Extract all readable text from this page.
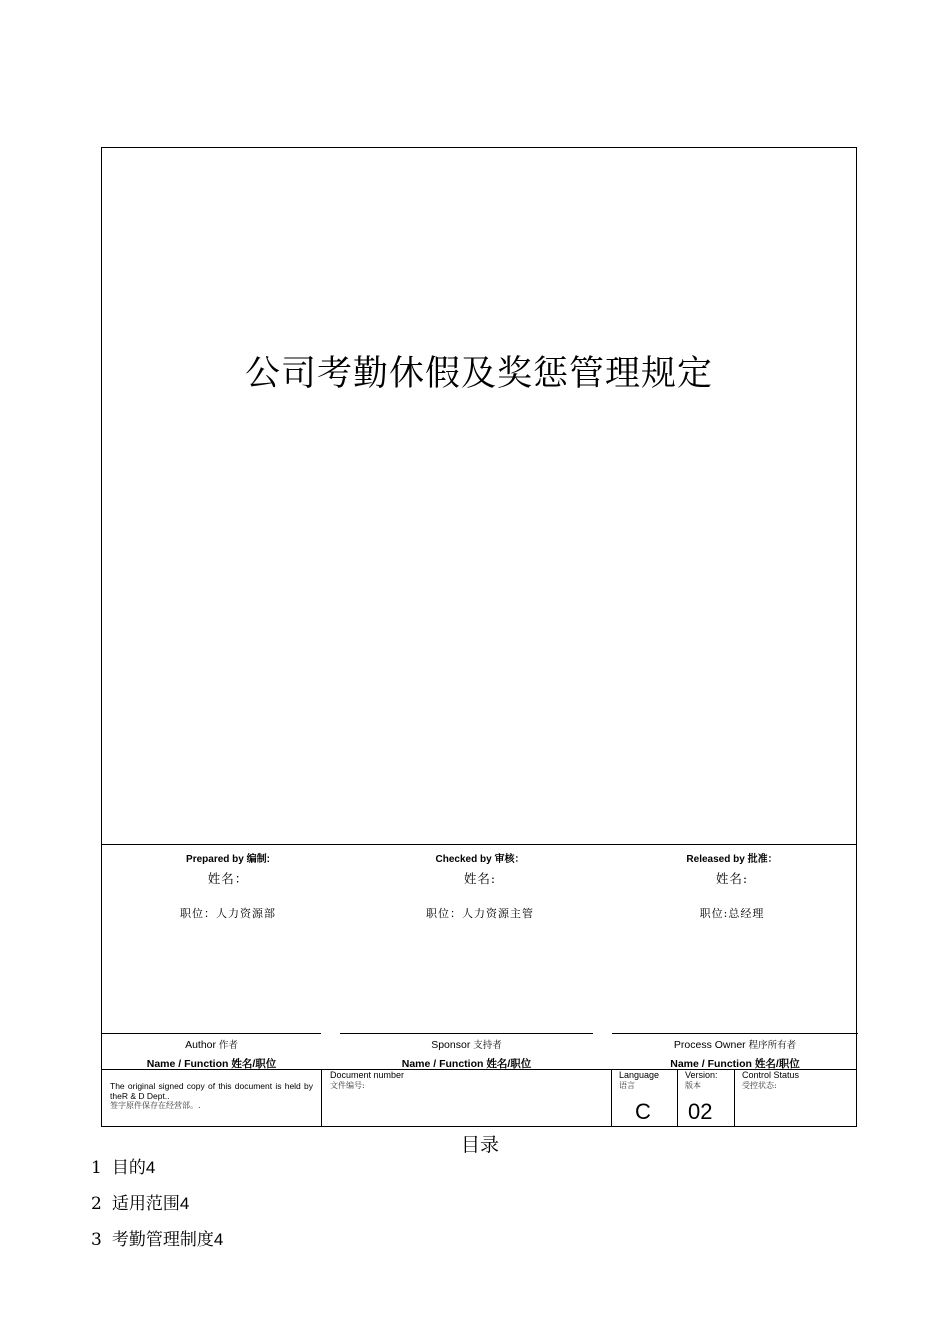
公司考勤休假及奖惩管理规定
Prepared by 编制:
姓名：
职位：人力资源部
Checked by 审核：
姓名:
职位：人力资源主管
Released by 批准：
姓名:
职位:总经理
Author 作者
Name / Function 姓名/职位
Sponsor 支持者
Name / Function 姓名/职位
Process Owner 程序所有者
Name / Function 姓名/职位
The original signed copy of this document is held by theR & D Dept..
签字原件保存在经营部。.
Document number
文件编号:
Language
语言
C
Version:
版本
02
Control Status
受控状态:
目录
1 目的4
2 适用范围4
3 考勤管理制度4
